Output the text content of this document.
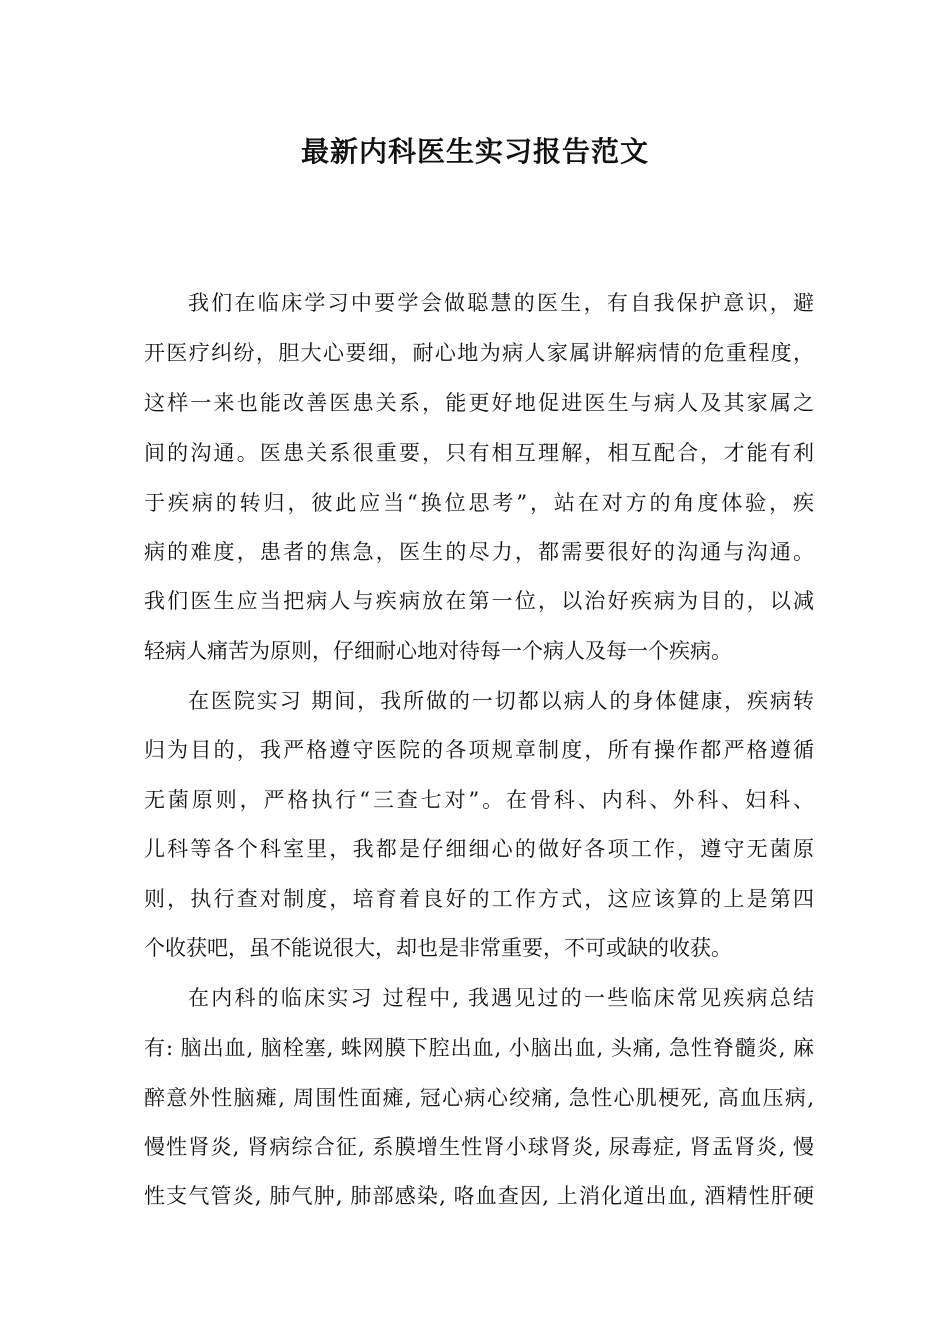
最新内科医生实习报告范文
我们在临床学习中要学会做聪慧的医生，有自我保护意识，避
开医疗纠纷，胆大心要细，耐心地为病人家属讲解病情的危重程度，
这样一来也能改善医患关系，能更好地促进医生与病人及其家属之
间的沟通。医患关系很重要，只有相互理解，相互配合，才能有利
于疾病的转归，彼此应当“换位思考”，站在对方的角度体验，疾
病的难度，患者的焦急，医生的尽力，都需要很好的沟通与沟通。
我们医生应当把病人与疾病放在第一位，以治好疾病为目的，以减
轻病人痛苦为原则，仔细耐心地对待每一个病人及每一个疾病。
在医院实习 期间，我所做的一切都以病人的身体健康，疾病转
归为目的，我严格遵守医院的各项规章制度，所有操作都严格遵循
无菌原则，严格执行“三查七对”。在骨科、内科、外科、妇科、
儿科等各个科室里，我都是仔细细心的做好各项工作，遵守无菌原
则，执行查对制度，培育着良好的工作方式，这应该算的上是第四
个收获吧，虽不能说很大，却也是非常重要，不可或缺的收获。
在内科的临床实习 过程中, 我遇见过的一些临床常见疾病总结
有: 脑出血, 脑栓塞, 蛛网膜下腔出血, 小脑出血, 头痛, 急性脊髓炎, 麻
醉意外性脑瘫, 周围性面瘫, 冠心病心绞痛, 急性心肌梗死, 高血压病,
慢性肾炎, 肾病综合征, 系膜增生性肾小球肾炎, 尿毒症, 肾盂肾炎, 慢
性支气管炎, 肺气肿, 肺部感染, 咯血查因, 上消化道出血, 酒精性肝硬
